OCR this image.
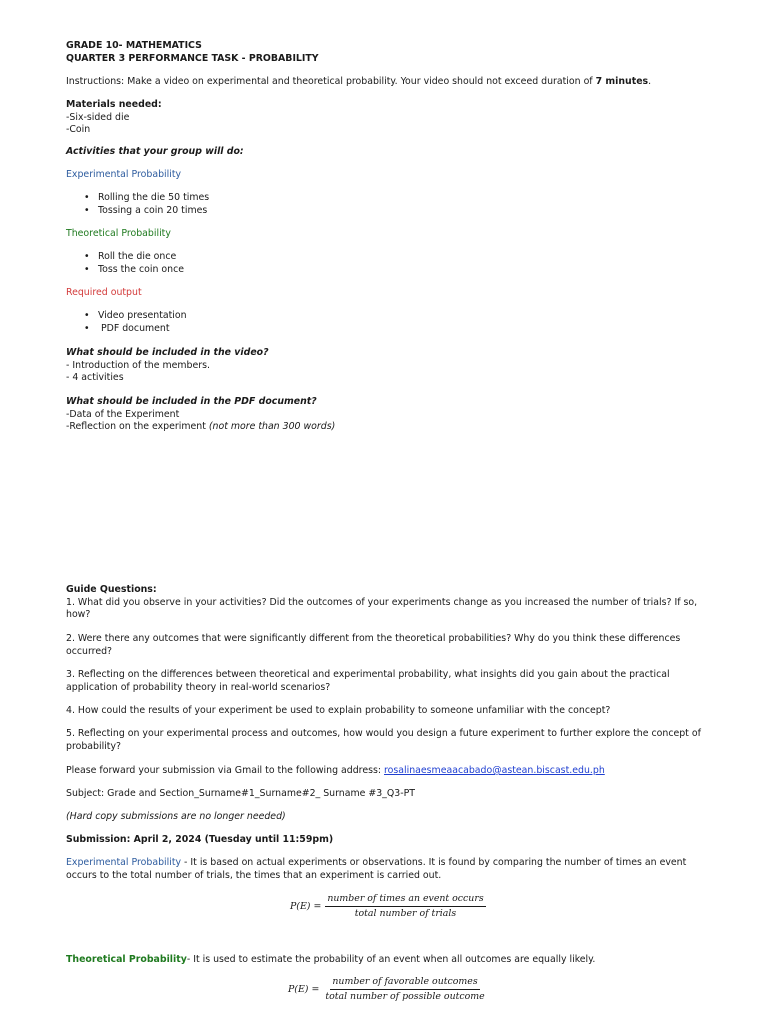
GRADE 10- MATHEMATICS
QUARTER 3 PERFORMANCE TASK - PROBABILITY
Instructions: Make a video on experimental and theoretical probability. Your video should not exceed duration of 7 minutes.
Materials needed:
-Six-sided die
-Coin
Activities that your group will do:
Experimental Probability
• Rolling the die 50 times
• Tossing a coin 20 times
Theoretical Probability
• Roll the die once
• Toss the coin once
Required output
• Video presentation
•  PDF document
What should be included in the video?
- Introduction of the members.
- 4 activities
What should be included in the PDF document?
-Data of the Experiment
-Reflection on the experiment (not more than 300 words)
Guide Questions:

1. What did you observe in your activities? Did the outcomes of your experiments change as you increased the number of trials? If so, how?

2. Were there any outcomes that were significantly different from the theoretical probabilities? Why do you think these differences occurred?

3. Reflecting on the differences between theoretical and experimental probability, what insights did you gain about the practical application of probability theory in real-world scenarios?

4. How could the results of your experiment be used to explain probability to someone unfamiliar with the concept?

5. Reflecting on your experimental process and outcomes, how would you design a future experiment to further explore the concept of probability?

Please forward your submission via Gmail to the following address: rosalinaesmeaacabado@astean.biscast.edu.ph
Subject: Grade and Section_Surname#1_Surname#2_ Surname #3_Q3-PT
(Hard copy submissions are no longer needed)
Submission: April 2, 2024 (Tuesday until 11:59pm)

Experimental Probability - It is based on actual experiments or observations. It is found by comparing the number of times an event occurs to the total number of trials, the times that an experiment is carried out.

$P(E) = \frac{\text{number of times an event occurs}}{\text{total number of trials}}$

Theoretical Probability- It is used to estimate the probability of an event when all outcomes are equally likely.

$P(E) = \frac{\text{number of favorable outcomes}}{\text{total number of possible outcome}}$
